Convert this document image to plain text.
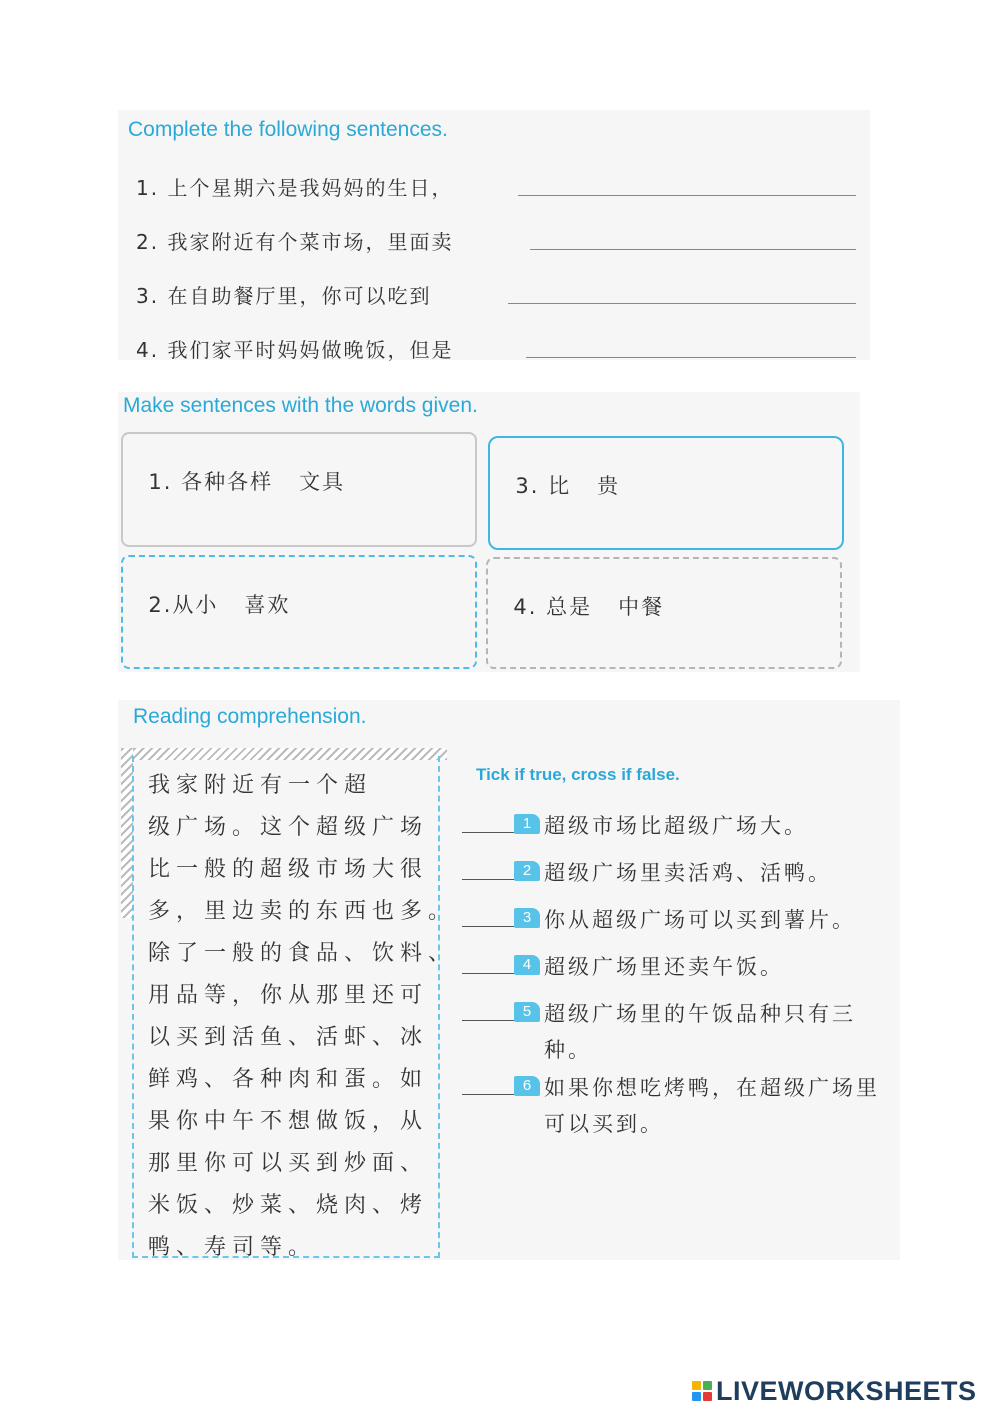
Complete the following sentences.
1. 上个星期六是我妈妈的生日，
2. 我家附近有个菜市场，里面卖
3. 在自助餐厅里，你可以吃到
4. 我们家平时妈妈做晚饭，但是
Make sentences with the words given.

1. 各种各样   文具	3. 比   贵

2.从小   喜欢	4. 总是   中餐

Reading comprehension.
我家附近有一个超
级广场。这个超级广场
比一般的超级市场大很
多，里边卖的东西也多。
除了一般的食品、饮料、
用品等，你从那里还可
以买到活鱼、活虾、冰
鲜鸡、各种肉和蛋。如
果你中午不想做饭，从
那里你可以买到炒面、
米饭、炒菜、烧肉、烤
鸭、寿司等。
Tick if true, cross if false.
1 超级市场比超级广场大。
2 超级广场里卖活鸡、活鸭。
3 你从超级广场可以买到薯片。
4 超级广场里还卖午饭。
5 超级广场里的午饭品种只有三种。
6 如果你想吃烤鸭，在超级广场里可以买到。
LIVEWORKSHEETS
